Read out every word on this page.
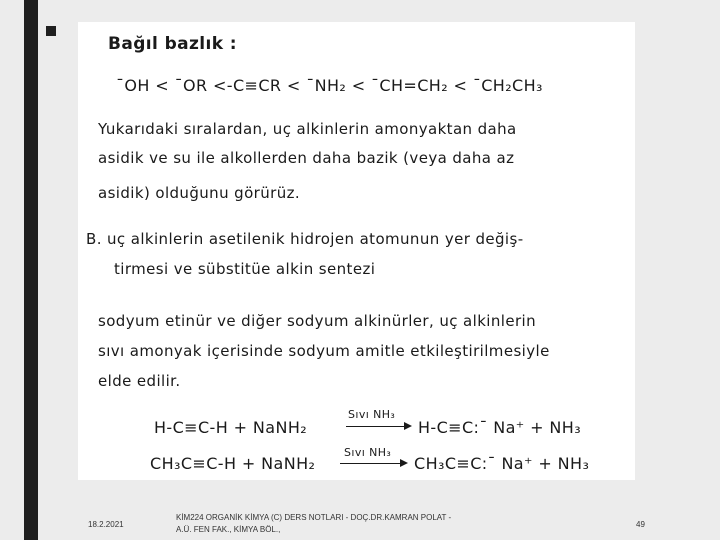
Bağıl bazlık :
¯OH < ¯OR <-C≡CR < ¯NH₂ < ¯CH=CH₂ < ¯CH₂CH₃
Yukarıdaki sıralardan, uç alkinlerin amonyaktan daha
asidik ve su ile alkollerden daha bazik (veya daha az
asidik) olduğunu görürüz.
B. uç alkinlerin asetilenik hidrojen atomunun yer değiş-
tirmesi ve sübstitüe alkin sentezi
sodyum etinür ve diğer sodyum alkinürler, uç alkinlerin
sıvı amonyak içerisinde sodyum amitle etkileştirilmesiyle
elde edilir.
H-C≡C-H + NaNH₂
Sıvı NH₃
H-C≡C:¯ Na⁺ + NH₃
CH₃C≡C-H + NaNH₂
Sıvı NH₃
CH₃C≡C:¯ Na⁺ + NH₃
18.2.2021
KİM224 ORGANİK KİMYA (C) DERS NOTLARI - DOÇ.DR.KAMRAN POLAT -
A.Ü. FEN FAK., KİMYA BÖL.,
49
